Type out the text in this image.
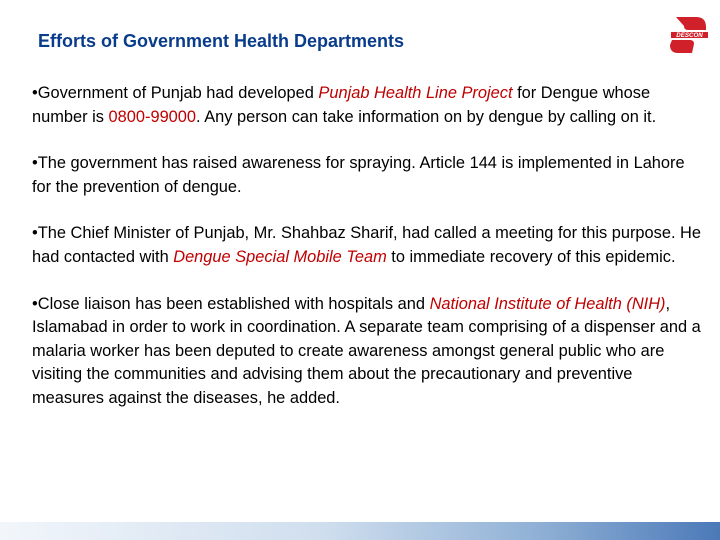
Efforts of Government Health Departments	DESCON

•Government of Punjab had developed Punjab Health Line Project for Dengue whose number is 0800-99000. Any person can take information on by dengue by calling on it.

•The government has raised awareness for spraying. Article 144 is implemented in Lahore for the prevention of dengue.

•The Chief Minister of Punjab, Mr. Shahbaz Sharif, had called a meeting for this purpose. He had contacted with Dengue Special Mobile Team to immediate recovery of this epidemic.

•Close liaison has been established with hospitals and National Institute of Health (NIH), Islamabad in order to work in coordination. A separate team comprising of a dispenser and a malaria worker has been deputed to create awareness amongst general public who are visiting the communities and advising them about the precautionary and preventive measures against the diseases, he added.
